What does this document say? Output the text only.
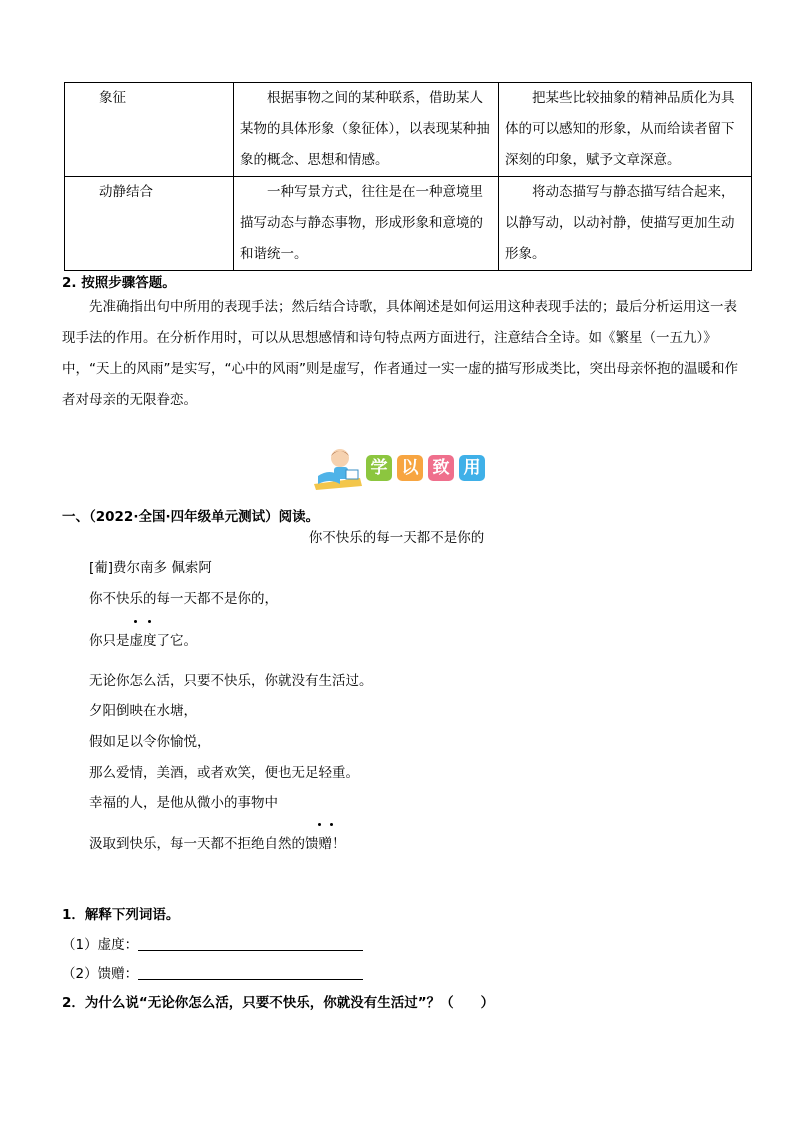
象征	根据事物之间的某种联系，借助某人某物的具体形象（象征体），以表现某种抽象的概念、思想和情感。	把某些比较抽象的精神品质化为具体的可以感知的形象，从而给读者留下深刻的印象，赋予文章深意。
动静结合	一种写景方式，往往是在一种意境里描写动态与静态事物，形成形象和意境的和谐统一。	将动态描写与静态描写结合起来，以静写动，以动衬静，使描写更加生动形象。
2. 按照步骤答题。
先准确指出句中所用的表现手法；然后结合诗歌，具体阐述是如何运用这种表现手法的；最后分析运用这一表现手法的作用。在分析作用时，可以从思想感情和诗句特点两方面进行，注意结合全诗。如《繁星（一五九）》中，“天上的风雨”是实写，“心中的风雨”则是虚写，作者通过一实一虚的描写形成类比，突出母亲怀抱的温暖和作者对母亲的无限眷恋。
学 以 致 用
一、（2022·全国·四年级单元测试）阅读。
你不快乐的每一天都不是你的
[葡]费尔南多 佩索阿
你不快乐的每一天都不是你的，
你只是虚度了它。
无论你怎么活，只要不快乐，你就没有生活过。
夕阳倒映在水塘，
假如足以令你愉悦，
那么爱情，美酒，或者欢笑，便也无足轻重。
幸福的人，是他从微小的事物中
汲取到快乐，每一天都不拒绝自然的馈赠！
1．解释下列词语。
（1）虚度：
（2）馈赠：
2．为什么说“无论你怎么活，只要不快乐，你就没有生活过”？（　　）
